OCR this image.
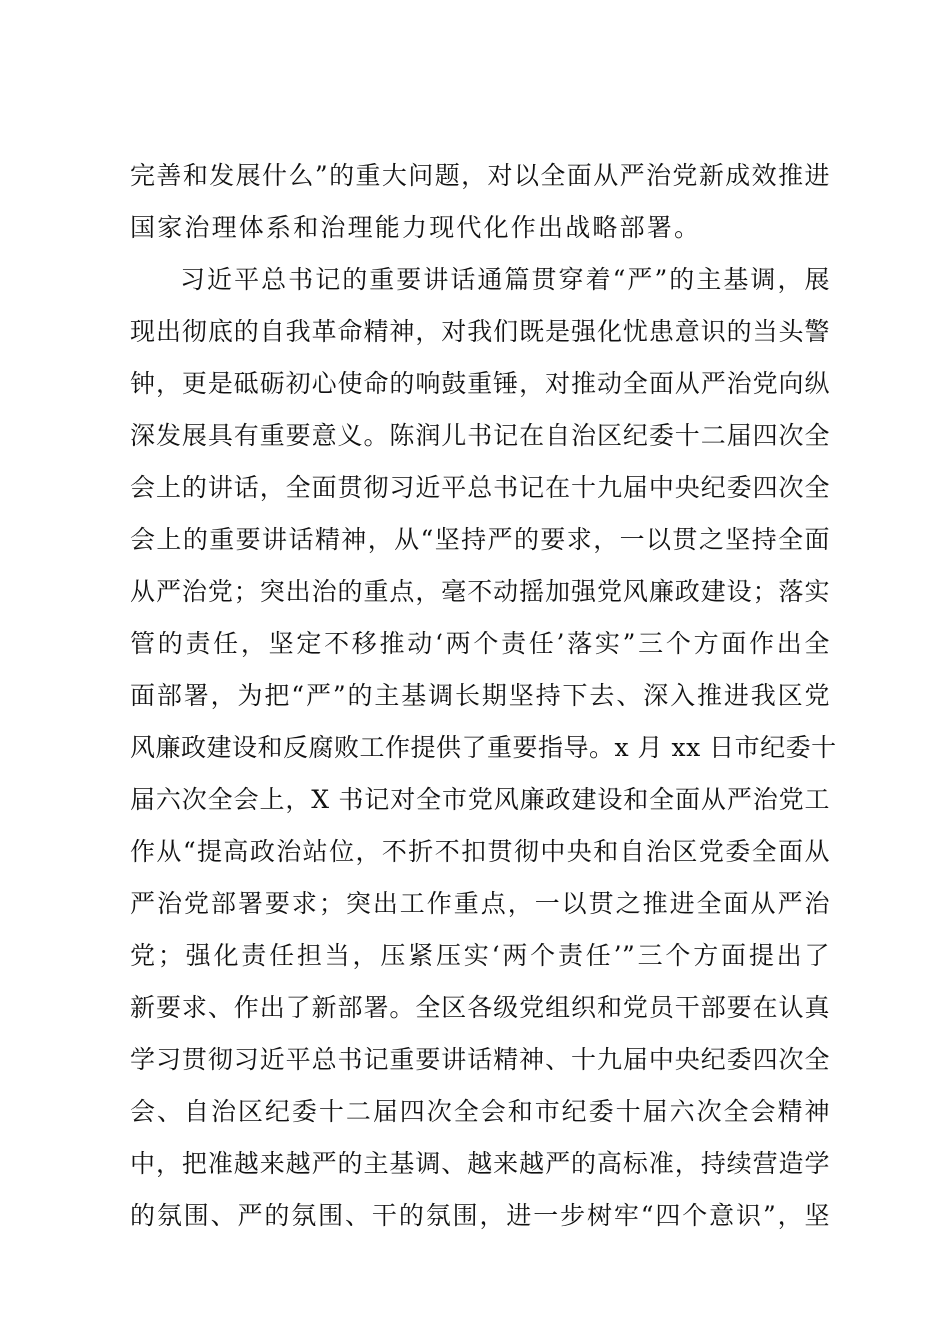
完善和发展什么”的重大问题，对以全面从严治党新成效推进
国家治理体系和治理能力现代化作出战略部署。
习近平总书记的重要讲话通篇贯穿着“严”的主基调，展
现出彻底的自我革命精神，对我们既是强化忧患意识的当头警
钟，更是砥砺初心使命的响鼓重锤，对推动全面从严治党向纵
深发展具有重要意义。陈润儿书记在自治区纪委十二届四次全
会上的讲话，全面贯彻习近平总书记在十九届中央纪委四次全
会上的重要讲话精神，从“坚持严的要求，一以贯之坚持全面
从严治党；突出治的重点，毫不动摇加强党风廉政建设；落实
管的责任，坚定不移推动‘两个责任’落实”三个方面作出全
面部署，为把“严”的主基调长期坚持下去、深入推进我区党
风廉政建设和反腐败工作提供了重要指导。x 月 xx 日市纪委十
届六次全会上，X 书记对全市党风廉政建设和全面从严治党工
作从“提高政治站位，不折不扣贯彻中央和自治区党委全面从
严治党部署要求；突出工作重点，一以贯之推进全面从严治
党；强化责任担当，压紧压实‘两个责任’”三个方面提出了
新要求、作出了新部署。全区各级党组织和党员干部要在认真
学习贯彻习近平总书记重要讲话精神、十九届中央纪委四次全
会、自治区纪委十二届四次全会和市纪委十届六次全会精神
中，把准越来越严的主基调、越来越严的高标准，持续营造学
的氛围、严的氛围、干的氛围，进一步树牢“四个意识”，坚
